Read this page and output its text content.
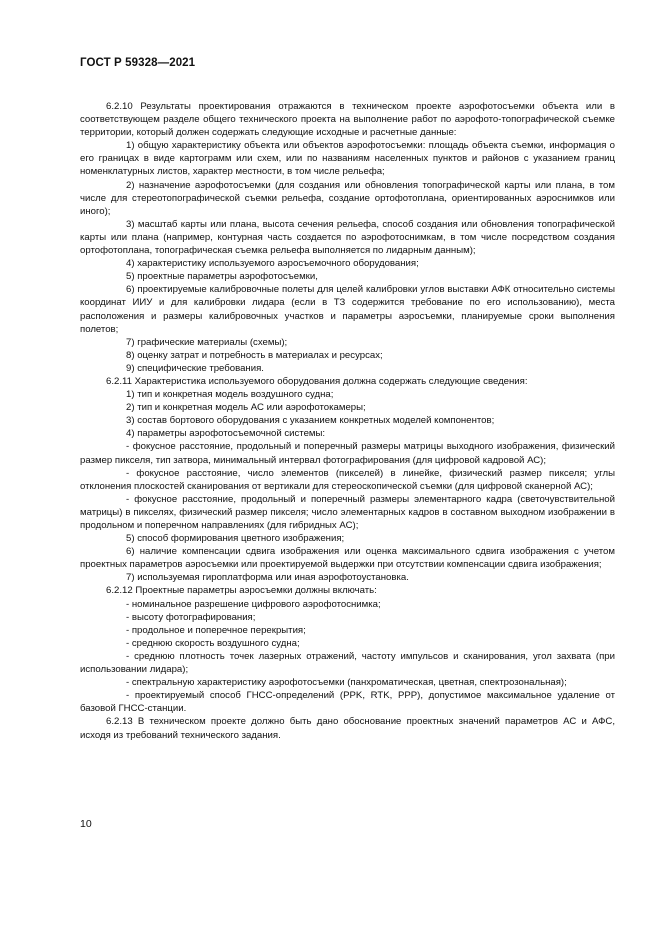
ГОСТ Р 59328—2021

6.2.10 Результаты проектирования отражаются в техническом проекте аэрофотосъемки объекта или в соответствующем разделе общего технического проекта на выполнение работ по аэрофото-топографической съемке территории, который должен содержать следующие исходные и расчетные данные:

1) общую характеристику объекта или объектов аэрофотосъемки: площадь объекта съемки, информация о его границах в виде картограмм или схем, или по названиям населенных пунктов и районов с указанием границ номенклатурных листов, характер местности, в том числе рельефа;

2) назначение аэрофотосъемки (для создания или обновления топографической карты или плана, в том числе для стереотопографической съемки рельефа, создание ортофотоплана, ориентированных аэроснимков или иного);

3) масштаб карты или плана, высота сечения рельефа, способ создания или обновления топографической карты или плана (например, контурная часть создается по аэрофотоснимкам, в том числе посредством создания ортофотоплана, топографическая съемка рельефа выполняется по лидарным данным);

4) характеристику используемого аэросъемочного оборудования;

5) проектные параметры аэрофотосъемки,

6) проектируемые калибровочные полеты для целей калибровки углов выставки АФК относительно системы координат ИИУ и для калибровки лидара (если в ТЗ содержится требование по его использованию), места расположения и размеры калибровочных участков и параметры аэросъемки, планируемые сроки выполнения полетов;

7) графические материалы (схемы);

8) оценку затрат и потребность в материалах и ресурсах;

9) специфические требования.

6.2.11 Характеристика используемого оборудования должна содержать следующие сведения:

1) тип и конкретная модель воздушного судна;

2) тип и конкретная модель АС или аэрофотокамеры;

3) состав бортового оборудования с указанием конкретных моделей компонентов;

4) параметры аэрофотосъемочной системы:

- фокусное расстояние, продольный и поперечный размеры матрицы выходного изображения, физический размер пикселя, тип затвора, минимальный интервал фотографирования (для цифровой кадровой АС);

- фокусное расстояние, число элементов (пикселей) в линейке, физический размер пикселя; углы отклонения плоскостей сканирования от вертикали для стереоскопической съемки (для цифровой сканерной АС);

- фокусное расстояние, продольный и поперечный размеры элементарного кадра (светочувствительной матрицы) в пикселях, физический размер пикселя; число элементарных кадров в составном выходном изображении в продольном и поперечном направлениях (для гибридных АС);

5) способ формирования цветного изображения;

6) наличие компенсации сдвига изображения или оценка максимального сдвига изображения с учетом проектных параметров аэросъемки или проектируемой выдержки при отсутствии компенсации сдвига изображения;

7) используемая гироплатформа или иная аэрофотоустановка.

6.2.12 Проектные параметры аэросъемки должны включать:

- номинальное разрешение цифрового аэрофотоснимка;

- высоту фотографирования;

- продольное и поперечное перекрытия;

- среднюю скорость воздушного судна;

- среднюю плотность точек лазерных отражений, частоту импульсов и сканирования, угол захвата (при использовании лидара);

- спектральную характеристику аэрофотосъемки (панхроматическая, цветная, спектрозональная);

- проектируемый способ ГНСС-определений (PPK, RTK, PPP), допустимое максимальное удаление от базовой ГНСС-станции.

6.2.13 В техническом проекте должно быть дано обоснование проектных значений параметров АС и АФС, исходя из требований технического задания.

10
